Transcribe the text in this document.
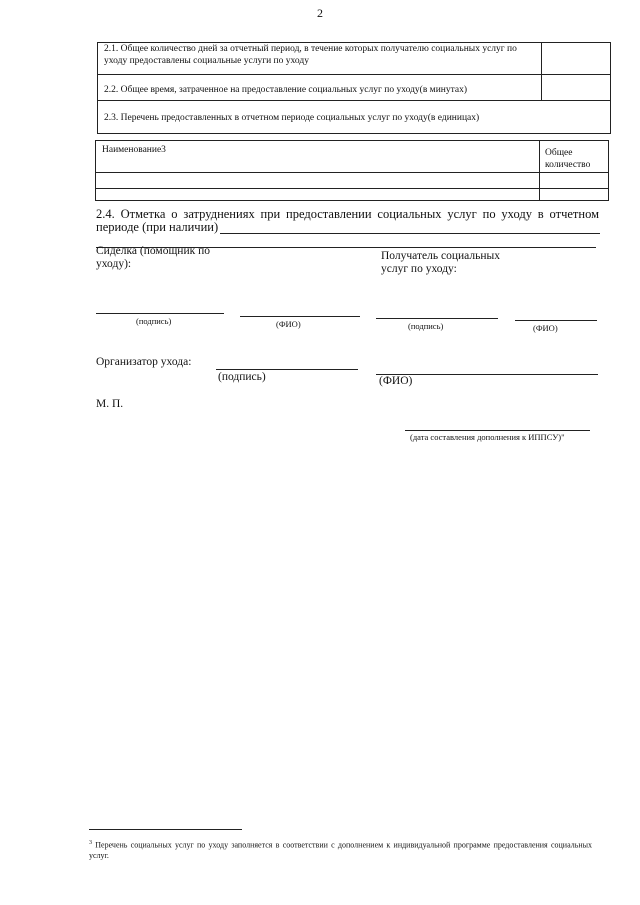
2
2.1. Общее количество дней за отчетный период, в течение которых получателю социальных услуг по уходу предоставлены социальные услуги по уходу
2.2. Общее время, затраченное на предоставление социальных услуг по уходу(в минутах)
2.3. Перечень предоставленных в отчетном периоде социальных услуг по уходу(в единицах)
Наименование3	Общее количество
2.4. Отметка о затруднениях при предоставлении социальных услуг по уходу в отчетном
периоде (при наличии)
Сиделка (помощник по уходу):
Получатель социальных услуг по уходу:
(подпись)	(ФИО)	(подпись)	(ФИО)
Организатор ухода:
(подпись)	(ФИО)
М. П.
(дата составления дополнения к ИППСУ)"
$^3$ Перечень социальных услуг по уходу заполняется в соответствии с дополнением к индивидуальной программе предоставления социальных услуг.
